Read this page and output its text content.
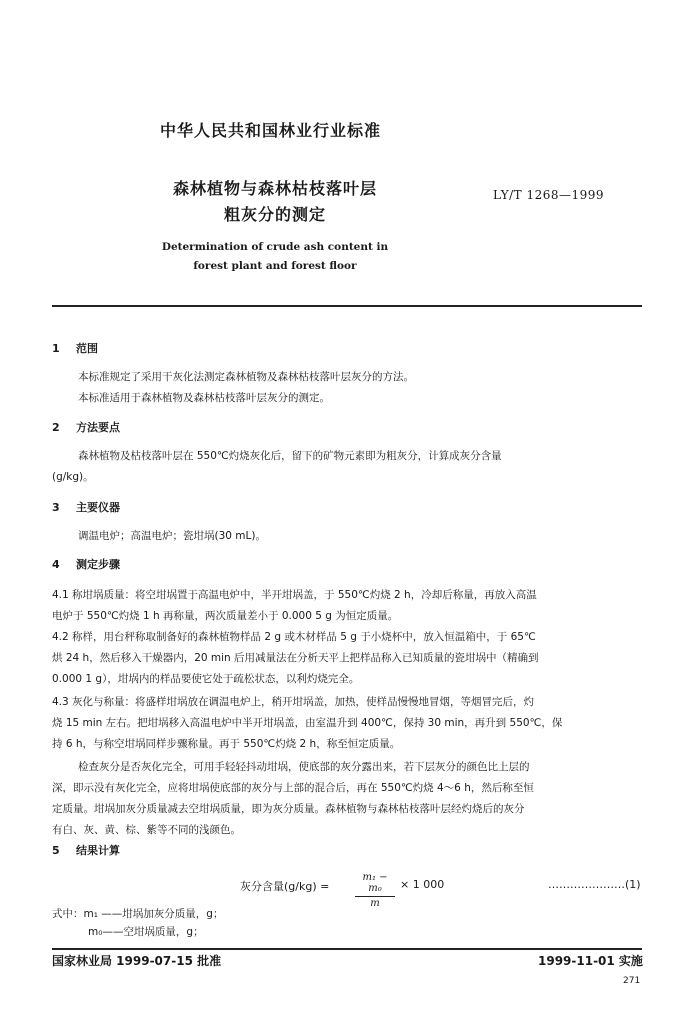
中华人民共和国林业行业标准
森林植物与森林枯枝落叶层
粗灰分的测定
LY/T 1268—1999
Determination of crude ash content in
forest plant and forest floor
1 范围
本标准规定了采用干灰化法测定森林植物及森林枯枝落叶层灰分的方法。
本标准适用于森林植物及森林枯枝落叶层灰分的测定。
2 方法要点
森林植物及枯枝落叶层在 550℃灼烧灰化后，留下的矿物元素即为粗灰分，计算成灰分含量
(g/kg)。
3 主要仪器
调温电炉；高温电炉；瓷坩埚(30 mL)。
4 测定步骤
4.1 称坩埚质量：将空坩埚置于高温电炉中，半开坩埚盖，于 550℃灼烧 2 h，冷却后称量，再放入高温
电炉于 550℃灼烧 1 h 再称量，两次质量差小于 0.000 5 g 为恒定质量。
4.2 称样，用台秤称取制备好的森林植物样品 2 g 或木材样品 5 g 于小烧杯中，放入恒温箱中，于 65℃
烘 24 h，然后移入干燥器内，20 min 后用减量法在分析天平上把样品称入已知质量的瓷坩埚中（精确到
0.000 1 g），坩埚内的样品要使它处于疏松状态，以利灼烧完全。
4.3 灰化与称量：将盛样坩埚放在调温电炉上，稍开坩埚盖，加热，使样品慢慢地冒烟，等烟冒完后，灼
烧 15 min 左右。把坩埚移入高温电炉中半开坩埚盖，由室温升到 400℃，保持 30 min，再升到 550℃，保
持 6 h，与称空坩埚同样步骤称量。再于 550℃灼烧 2 h，称至恒定质量。
检查灰分是否灰化完全，可用手轻轻抖动坩埚，使底部的灰分露出来，若下层灰分的颜色比上层的
深，即示没有灰化完全，应将坩埚使底部的灰分与上部的混合后，再在 550℃灼烧 4～6 h，然后称至恒
定质量。坩埚加灰分质量减去空坩埚质量，即为灰分质量。森林植物与森林枯枝落叶层经灼烧后的灰分
有白、灰、黄、棕、紫等不同的浅颜色。
5 结果计算
灰分含量(g/kg) =
m₁ − m₀
m
× 1 000	…………………(1)
式中：m₁ ——坩埚加灰分质量，g；
m₀——空坩埚质量，g；
国家林业局 1999-07-15 批准	1999-11-01 实施
271
